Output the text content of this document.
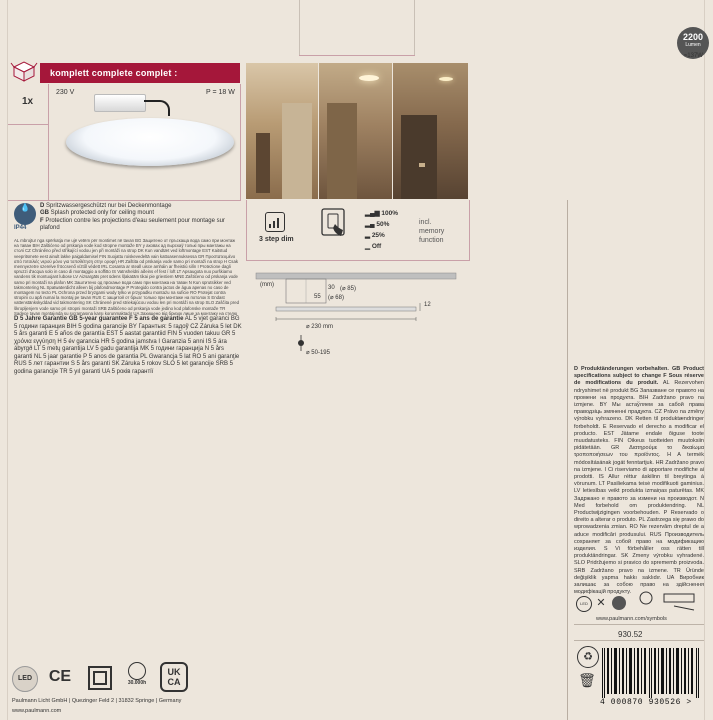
2200
Lumen
≈137W
komplett complete complet :
1x
230 V	P = 18 W
💧
IP44
D Spritzwassergeschützt nur bei Deckenmontage
GB Splash protected only for ceiling mount
F Protection contre les projections d'eau seulement pour montage sur plafond
AL mbrojtur nga spërkatja me ujë vetëm për montimet në tavan BG Защитено от пръскаща вода само при монтаж на таван BIH Zaštićeno od prskanja vode kod stropne montaže BY у аховах ад пырскаў толькі пры мантажы на столі CZ Chráněno před stříkající vodou jen při montáži na strop DK Kun vandtæt ved loftmontage EST Kaitstud veepritsmete eest ainult lakke paigaldamisel FIN Suojattu roiskevedeltä vain kattoasennuksessa GR Προστατευμένο από πιτσιλιές νερού μόνο για τοποθέτηση στην οροφή HR Zaštita od prskanja vode samo pri montaži na strop H Csak mennyezetre szerelve fröccsenő víztől védett IRL Cosanta ar steall uisce amháin ar fheistiú silín I Protezione dagli spruzzi d'acqua solo in caso di montaggio a soffitto IS Vatnsheldni aðeins ef fest í loft LT Apsaugota nuo purškiamo vandens tik montuojant lubose LV Aizsargāts pret ūdens šļakatām tikai pie griestiem MNE Zaštićeno od prskanja vode samo pri montaži na plafon MK Заштитено од прскање вода само при монтажа на таван N Kun sprutsikker ved takmontering NL Spatwaterdicht alleen bij plafondmontage P Protegido contra jactos de água apenas no caso de montagem no tecto PL Ochrona przed bryzgami wody tylko w przypadku montażu na suficie RO Protejat contra stropirii cu apă numai la montaj pe tavan RUS С защитой от брызг только при монтаже на потолок S Endast vattenstänkskyddad vid takmontering SK Chránené pred striekajúcou vodou len pri montáži na strop SLO Zaščita pred škropljenjem vode samo pri stropni montaži SRB Zaštićeno od prskanja vode jedino kod plafonske montaže TR Sadece tavan montajında su sıçramasına karşı korunmaktadır UA Захищено від бризок лише за монтажу на стелю
D 5 Jahre Garantie GB 5-year guarantee F 5 ans de garantie AL 5 vjet garanci BG 5 години гаранция BIH 5 godina garancije BY Гарантыя: 5 гадоў CZ Záruka 5 let DK 5 års garanti E 5 años de garantía EST 5 aastat garantiid FIN 5 vuoden takuu GR 5 χρόνια εγγύηση H 5 év garancia HR 5 godina jamstva I Garanzia 5 anni IS 5 ára ábyrgð LT 5 metų garantija LV 5 gadu garantija MK 5 години гаранција N 5 års garanti NL 5 jaar garantie P 5 anos de garantia PL Gwarancja 5 lat RO 5 ani garanţie RUS 5 лет гарантии S 5 års garanti SK Záruka 5 rokov SLO 5 let garancije SRB 5 godina garancije TR 5 yıl garanti UA 5 років гарантії
3 step dim
▂▄▆ 100%
▂▄ 50%
▂ 25%
▁ Off
incl.
memory
function
(mm)	30 (⌀ 85)
55 (⌀ 68)
12
⌀ 230 mm
⌀ 50-195
D Produktänderungen vorbehalten. GB Product specifications subject to change F Sous réserve de modifications du produit. AL Rezervohen ndryshimet në produkt BG Запазване се правото на промени на продукта. BIH Zadržano pravo na izmjene. BY Мы астаўляем за сабой права праводзіць змяненні прадукта. CZ Právo na změny výrobku vyhrazeno. DK Retten til produktændringer forbeholdt. E Reservado el derecho a modificar el producto. EST Jätame endale õiguse toote muudatusteks. FIN Oikeus tuotteiden muutoksiin pidätetään. GR Διατηρούμε το δικαίωμα τροποποιήσεων του προϊόντος. H A termék módosításának jogát fenntartjuk. HR Zadržano pravo na izmjene. I Ci riserviamo di apportare modifiche ai prodotti. IS Allur réttur áskilinn til breytinga á vörunum. LT Pasiliekama teisė modifikuoti gaminius. LV Ietiesības veikt produkta izmaiņas paturētas. MK Задржано е правото за измени на производот. N Med forbehold om produktendring. NL Productwijzigingen voorbehouden. P Reservado o direito a alterar o produto. PL Zastrzega się prawo do wprowadzenia zmian. RO Ne rezervăm dreptul de a aduce modificări produsului. RUS Производитель сохраняет за собой право на модификацию изделия. S Vi förbehåller oss rätten till produktändringar. SK Zmeny výrobku vyhradené. SLO Pridržujemo si pravico do sprememb proizvoda. SRB Zadržano pravo na izmene. TR Üründe değişiklik yapma hakkı saklıdır. UA Виробник залишає за собою право на здійснення модифікацій продукту.
LED ✕
www.paulmann.com/symbols
930.52
♻
🗑
4 000870 930526 >
LED	CE	30.000h
UK
CA
Paulmann Licht GmbH | Quezinger Feld 2 | 31832 Springe | Germany
www.paulmann.com
